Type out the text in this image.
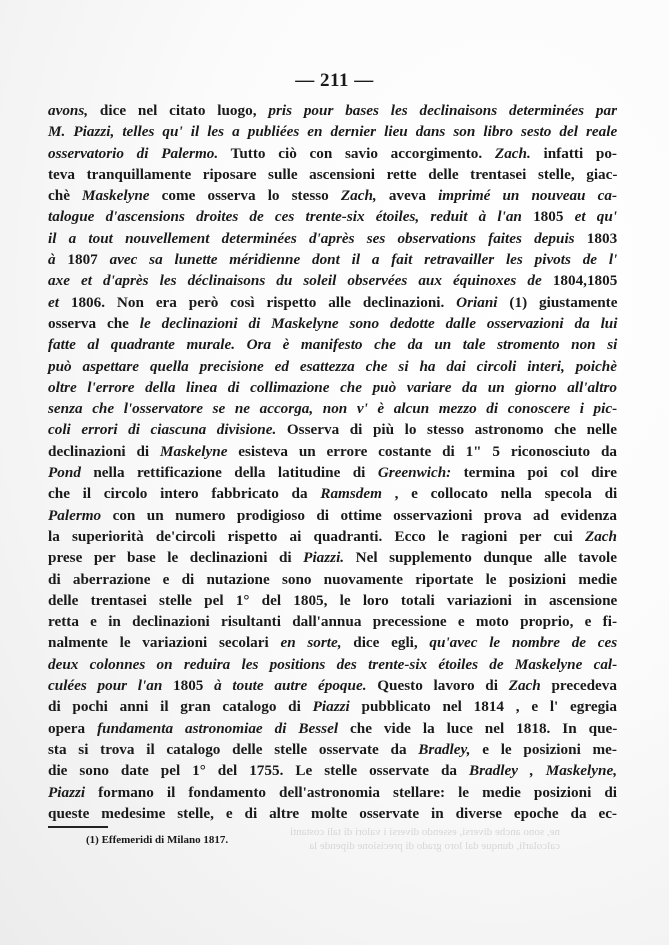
— 211 —
avons, dice nel citato luogo, pris pour bases les declinaisons determinées par
M. Piazzi, telles qu' il les a publiées en dernier lieu dans son libro sesto del reale
osservatorio di Palermo. Tutto ciò con savio accorgimento. Zach. infatti po-
teva tranquillamente riposare sulle ascensioni rette delle trentasei stelle, giac-
chè Maskelyne come osserva lo stesso Zach, aveva imprimé un nouveau ca-
talogue d'ascensions droites de ces trente-six étoiles, reduit à l'an 1805 et qu'
il a tout nouvellement determinées d'après ses observations faites depuis 1803
à 1807 avec sa lunette méridienne dont il a fait retravailler les pivots de l'
axe et d'après les déclinaisons du soleil observées aux équinoxes de 1804,1805
et 1806. Non era però così rispetto alle declinazioni. Oriani (1) giustamente
osserva che le declinazioni di Maskelyne sono dedotte dalle osservazioni da lui
fatte al quadrante murale. Ora è manifesto che da un tale stromento non si
può aspettare quella precisione ed esattezza che si ha dai circoli interi, poichè
oltre l'errore della linea di collimazione che può variare da un giorno all'altro
senza che l'osservatore se ne accorga, non v' è alcun mezzo di conoscere i pic-
coli errori di ciascuna divisione. Osserva di più lo stesso astronomo che nelle
declinazioni di Maskelyne esisteva un errore costante di 1" 5 riconosciuto da
Pond nella rettificazione della latitudine di Greenwich: termina poi col dire
che il circolo intero fabbricato da Ramsdem , e collocato nella specola di
Palermo con un numero prodigioso di ottime osservazioni prova ad evidenza
la superiorità de'circoli rispetto ai quadranti. Ecco le ragioni per cui Zach
prese per base le declinazioni di Piazzi. Nel supplemento dunque alle tavole
di aberrazione e di nutazione sono nuovamente riportate le posizioni medie
delle trentasei stelle pel 1° del 1805, le loro totali variazioni in ascensione
retta e in declinazioni risultanti dall'annua precessione e moto proprio, e fi-
nalmente le variazioni secolari en sorte, dice egli, qu'avec le nombre de ces
deux colonnes on reduira les positions des trente-six étoiles de Maskelyne cal-
culées pour l'an 1805 à toute autre époque. Questo lavoro di Zach precedeva
di pochi anni il gran catalogo di Piazzi pubblicato nel 1814 , e l' egregia
opera fundamenta astronomiae di Bessel che vide la luce nel 1818. In que-
sta si trova il catalogo delle stelle osservate da Bradley, e le posizioni me-
die sono date pel 1° del 1755. Le stelle osservate da Bradley , Maskelyne,
Piazzi formano il fondamento dell'astronomia stellare: le medie posizioni di
queste medesime stelle, e di altre molte osservate in diverse epoche da ec-
ne, sono anche diversi, essendo diversi i valori di tali costanti
calcolarli, dunque dal loro grado di precisione dipende la
(1) Effemeridi di Milano 1817.
